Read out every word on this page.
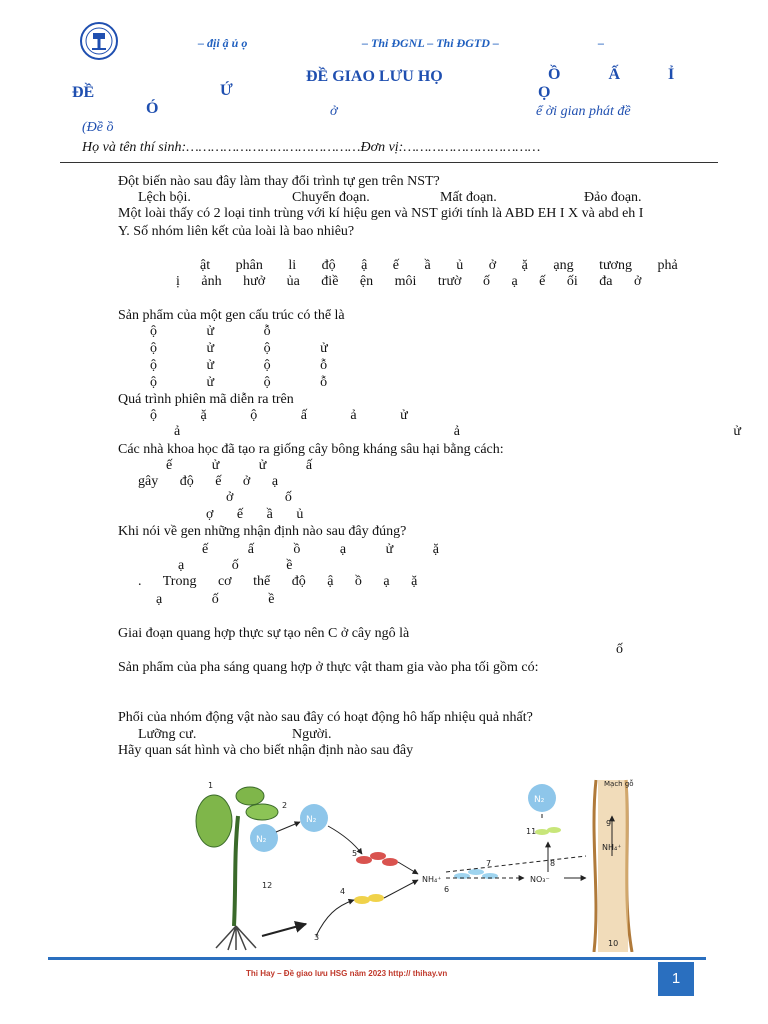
– địi ậ ủ ọ	– Thi ĐGNL – Thi ĐGTD –	–
ĐỀ GIAO LƯU HỌ	Ồ Ấ Ỉ
ĐỀ	Ứ	Ọ
Ó	ở	ể ời gian phát đề
(Đề ồ
Họ và tên thí sinh:……………………………………Đơn vị:……………………………
Đột biến nào sau đây làm thay đổi trình tự gen trên NST?
Lệch bội.	Chuyển đoạn.	Mất đoạn.	Đảo đoạn.
Một loài thấy có 2 loại tinh trùng với kí hiệu gen và NST giới tính là ABD EH I X và abd eh I
Y. Số nhóm liên kết của loài là bao nhiêu?
ật phân li độ ậ ế ầ ủ ở ặ ạng tương phả
ị ảnh hưở ủa điề ện môi trườ ố ạ ế ối đa ở
Sản phẩm của một gen cấu trúc có thể là
ộ ử ỗ
ộ ử ộ ử
ộ ử ộ ỗ
ộ ử ộ ỗ
Quá trình phiên mã diễn ra trên
ộ ặ ộ ấ ả ử
ả ả ử
Các nhà khoa học đã tạo ra giống cây bông kháng sâu hại bằng cách:
ế ử ử ấ
gây độ ế ở ạ
ở ố
ợ ế ầ ủ
Khi nói về gen những nhận định nào sau đây đúng?
ế ấ ồ ạ ử ặ
ạ ố ề
. Trong cơ thể độ ậ ồ ạ ặ
ạ ố ề
Giai đoạn quang hợp thực sự tạo nên C ở cây ngô là
ố
Sản phẩm của pha sáng quang hợp ở thực vật tham gia vào pha tối gồm có:
Phổi của nhóm động vật nào sau đây có hoạt động hô hấp nhiệu quả nhất?
Lưỡng cư.	Người.
Hãy quan sát hình và cho biết nhận định nào sau đây
N₂
N₂
N₂
NH₄⁺	NO₃⁻
NH₄⁺
Mạch gỗ
1
2
3
4
5
6
7	8
9
10
11
12
Thi Hay – Đề giao lưu HSG năm 2023 http:// thihay.vn	1
